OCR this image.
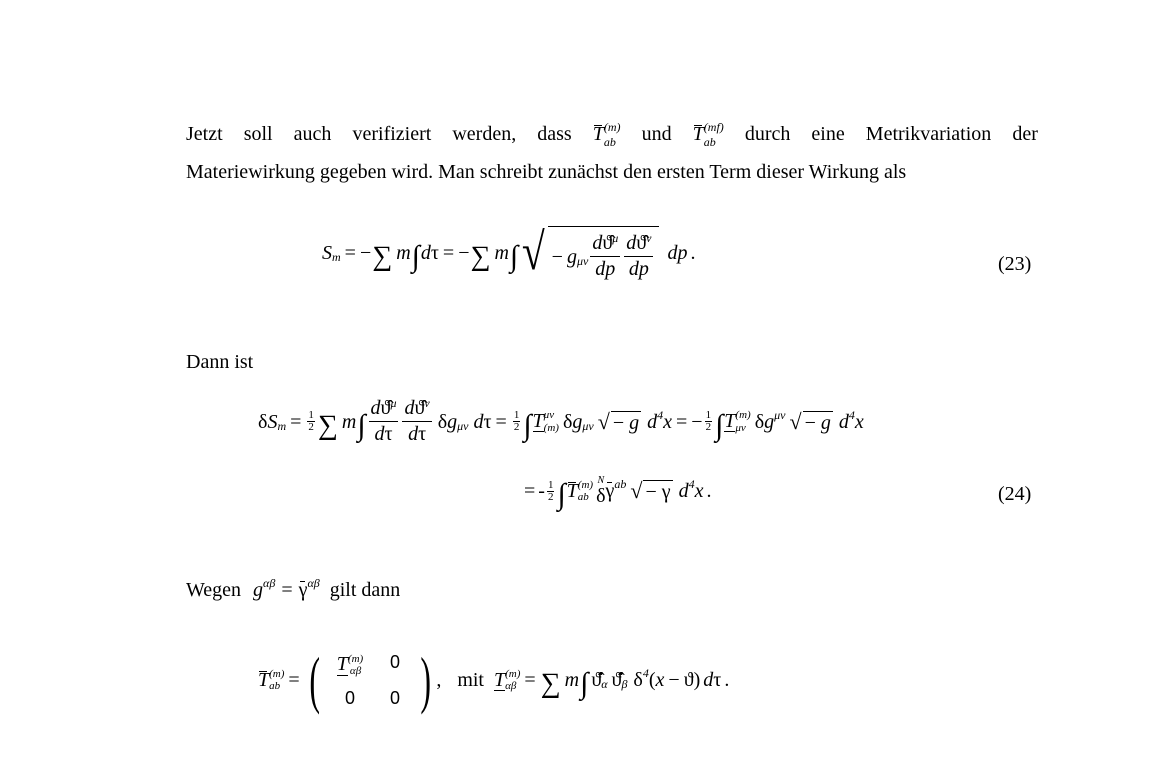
Jetzt soll auch verifiziert werden, dass $T_{ab}^{(m)}$ und $T_{ab}^{(mf)}$ durch eine Metrikvariation der
Materiewirkung gegeben wird. Man schreibt zunächst den ersten Term dieser Wirkung als
S m = − ∑ m ∫ d τ = − ∑ m ∫ √ − g μν $\frac{dϑ̂^\mu}{dp} \frac{dϑ̂^\nu}{dp}$ dp .	(23)
Dann ist
δ S $m = \frac{1}{2}$ ∑ m ∫ $\frac{dϑ̂^\mu}{d\tau} \frac{dϑ̂^\nu}{d\tau}$ δ g μν d $\tau = \frac{1}{2}$ ∫ T μν
(m) δ g μν √ − g d 4 x = − $\frac{1}{2}$ ∫ T (m)
μν δ g μν √ − g d 4 x
= - 1
2 ∫ T (m)
ab
N
δ γ ab √ − γ d 4 x .	(24)
Wegen g αβ = γ αβ gilt dann
T (m)
ab = ( T (m)
αβ	0
0	0 ) , mit T (m)
αβ = ∑ m ∫ ϑ̂̇ α ϑ̂̇ β δ 4 ( x − ϑ ) d τ .
